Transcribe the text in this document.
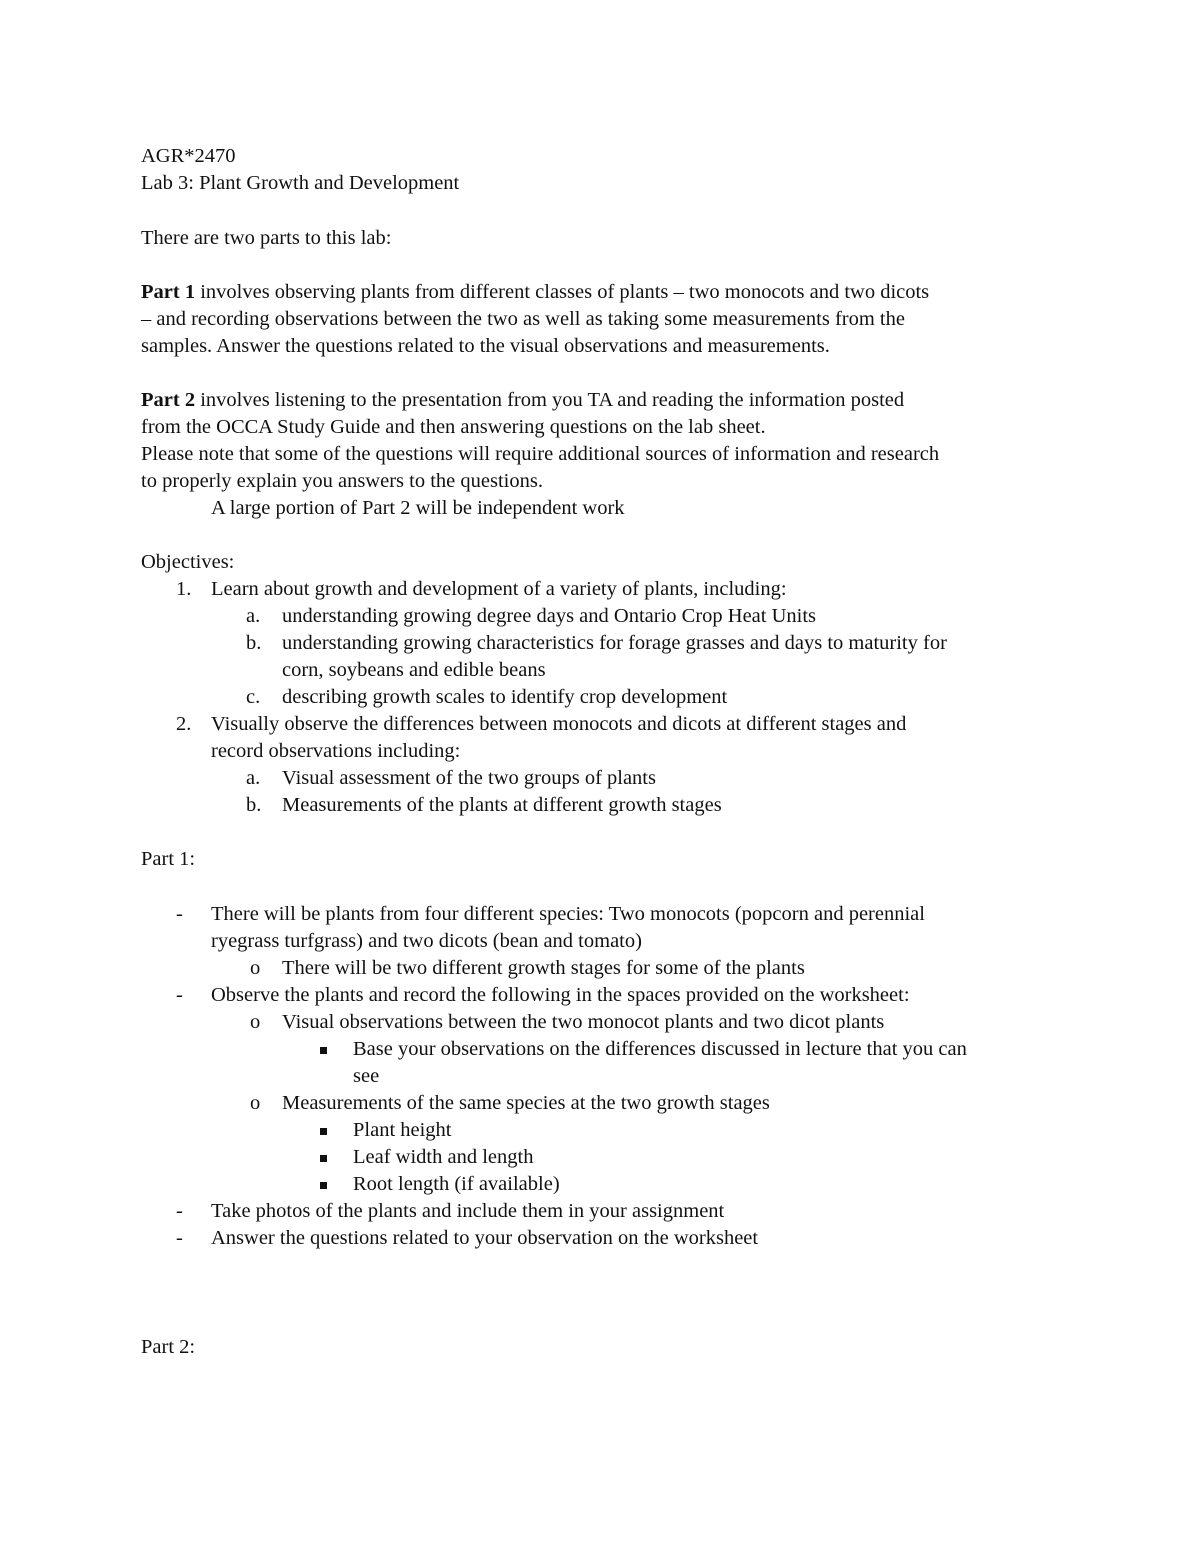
AGR*2470
Lab 3: Plant Growth and Development
There are two parts to this lab:
Part 1 involves observing plants from different classes of plants – two monocots and two dicots
– and recording observations between the two as well as taking some measurements from the
samples. Answer the questions related to the visual observations and measurements.
Part 2 involves listening to the presentation from you TA and reading the information posted
from the OCCA Study Guide and then answering questions on the lab sheet.
Please note that some of the questions will require additional sources of information and research
to properly explain you answers to the questions.
A large portion of Part 2 will be independent work
Objectives:
1. Learn about growth and development of a variety of plants, including:
a. understanding growing degree days and Ontario Crop Heat Units
b. understanding growing characteristics for forage grasses and days to maturity for
corn, soybeans and edible beans
c. describing growth scales to identify crop development
2. Visually observe the differences between monocots and dicots at different stages and
record observations including:
a. Visual assessment of the two groups of plants
b. Measurements of the plants at different growth stages
Part 1:
- There will be plants from four different species: Two monocots (popcorn and perennial
ryegrass turfgrass) and two dicots (bean and tomato)
o There will be two different growth stages for some of the plants
- Observe the plants and record the following in the spaces provided on the worksheet:
o Visual observations between the two monocot plants and two dicot plants
Base your observations on the differences discussed in lecture that you can
see
o Measurements of the same species at the two growth stages
Plant height
Leaf width and length
Root length (if available)
- Take photos of the plants and include them in your assignment
- Answer the questions related to your observation on the worksheet
Part 2:
